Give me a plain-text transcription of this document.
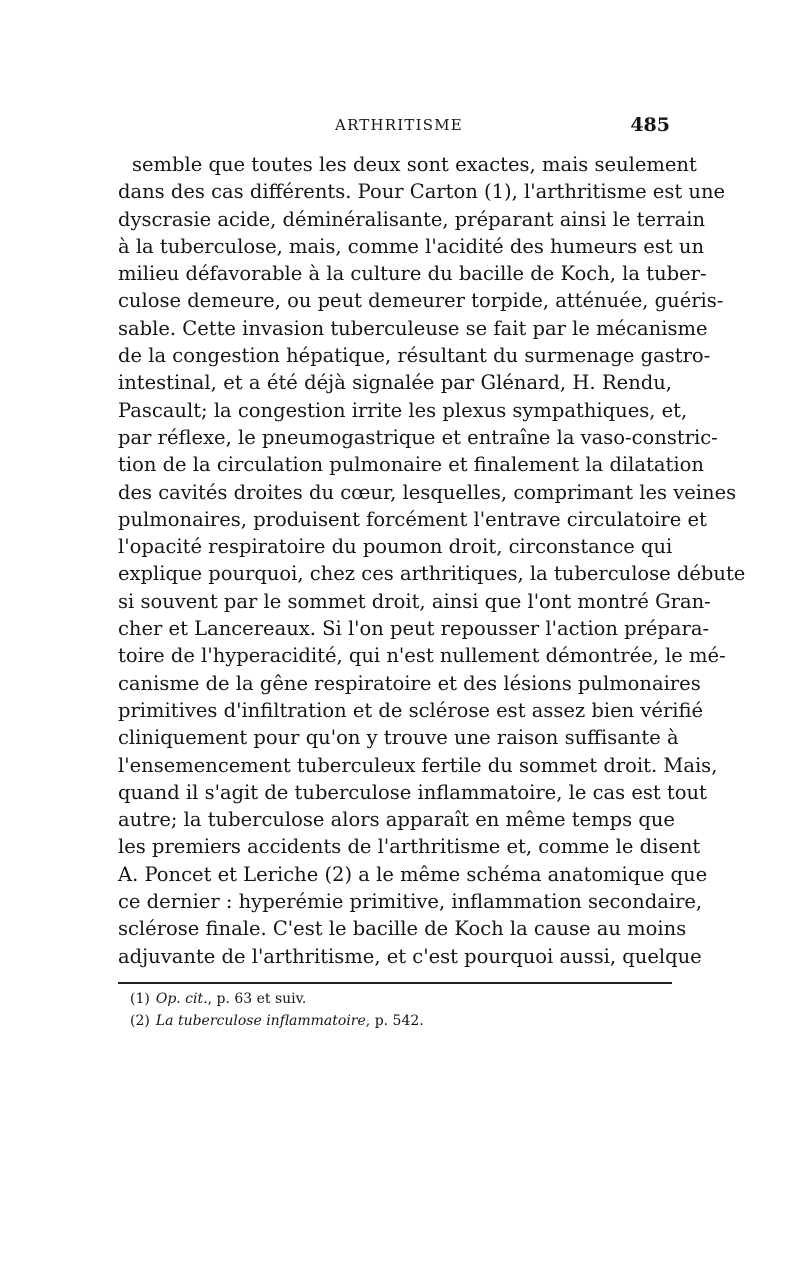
ARTHRITISME	485
semble que toutes les deux sont exactes, mais seulement
dans des cas différents. Pour Carton (1), l'arthritisme est une
dyscrasie acide, déminéralisante, préparant ainsi le terrain
à la tuberculose, mais, comme l'acidité des humeurs est un
milieu défavorable à la culture du bacille de Koch, la tuber-
culose demeure, ou peut demeurer torpide, atténuée, guéris-
sable. Cette invasion tuberculeuse se fait par le mécanisme
de la congestion hépatique, résultant du surmenage gastro-
intestinal, et a été déjà signalée par Glénard, H. Rendu,
Pascault; la congestion irrite les plexus sympathiques, et,
par réflexe, le pneumogastrique et entraîne la vaso-constric-
tion de la circulation pulmonaire et finalement la dilatation
des cavités droites du cœur, lesquelles, comprimant les veines
pulmonaires, produisent forcément l'entrave circulatoire et
l'opacité respiratoire du poumon droit, circonstance qui
explique pourquoi, chez ces arthritiques, la tuberculose débute
si souvent par le sommet droit, ainsi que l'ont montré Gran-
cher et Lancereaux. Si l'on peut repousser l'action prépara-
toire de l'hyperacidité, qui n'est nullement démontrée, le mé-
canisme de la gêne respiratoire et des lésions pulmonaires
primitives d'infiltration et de sclérose est assez bien vérifié
cliniquement pour qu'on y trouve une raison suffisante à
l'ensemencement tuberculeux fertile du sommet droit. Mais,
quand il s'agit de tuberculose inflammatoire, le cas est tout
autre; la tuberculose alors apparaît en même temps que
les premiers accidents de l'arthritisme et, comme le disent
A. Poncet et Leriche (2) a le même schéma anatomique que
ce dernier : hyperémie primitive, inflammation secondaire,
sclérose finale. C'est le bacille de Koch la cause au moins
adjuvante de l'arthritisme, et c'est pourquoi aussi, quelque
(1) Op. cit., p. 63 et suiv.
(2) La tuberculose inflammatoire, p. 542.
